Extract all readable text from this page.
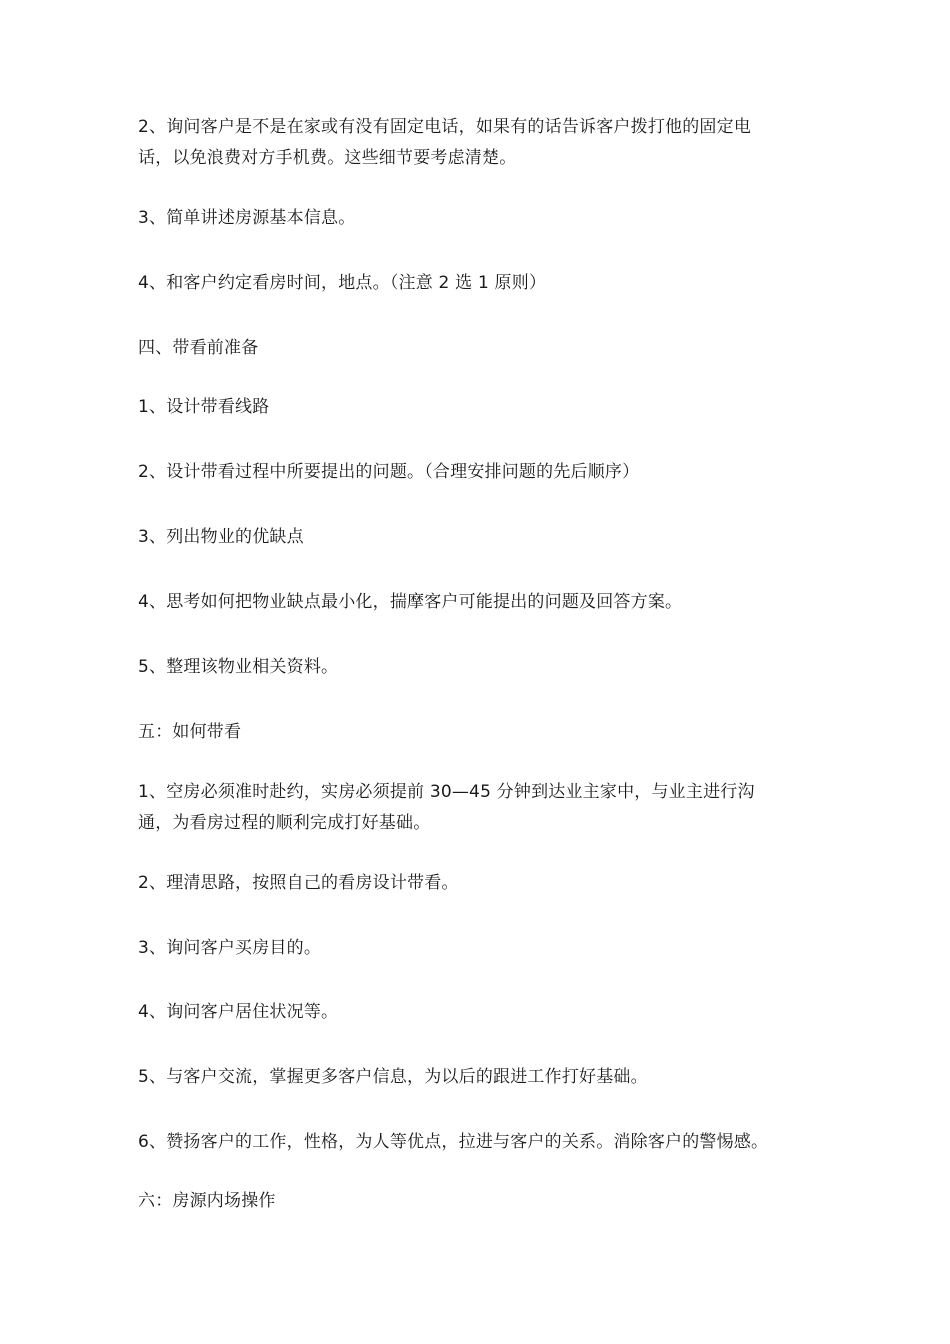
2、询问客户是不是在家或有没有固定电话，如果有的话告诉客户拨打他的固定电
话，以免浪费对方手机费。这些细节要考虑清楚。
3、简单讲述房源基本信息。
4、和客户约定看房时间，地点。（注意 2 选 1 原则）
四、带看前准备
1、设计带看线路
2、设计带看过程中所要提出的问题。（合理安排问题的先后顺序）
3、列出物业的优缺点
4、思考如何把物业缺点最小化，揣摩客户可能提出的问题及回答方案。
5、整理该物业相关资料。
五：如何带看
1、空房必须准时赴约，实房必须提前 30—45 分钟到达业主家中，与业主进行沟
通，为看房过程的顺利完成打好基础。
2、理清思路，按照自己的看房设计带看。
3、询问客户买房目的。
4、询问客户居住状况等。
5、与客户交流，掌握更多客户信息，为以后的跟进工作打好基础。
6、赞扬客户的工作，性格，为人等优点，拉进与客户的关系。消除客户的警惕感。
六：房源内场操作
